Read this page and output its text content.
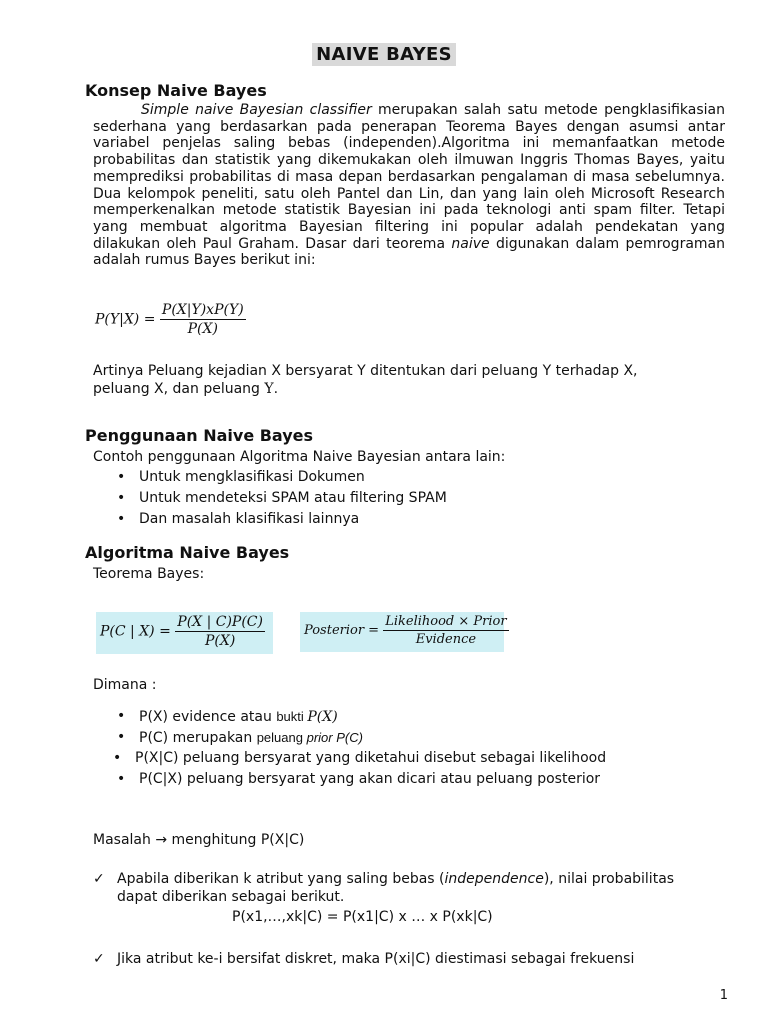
NAIVE BAYES
Konsep Naive Bayes
Simple naive Bayesian classifier merupakan salah satu metode pengklasifikasian sederhana yang berdasarkan pada penerapan Teorema Bayes dengan asumsi antar variabel penjelas saling bebas (independen).Algoritma ini memanfaatkan metode probabilitas dan statistik yang dikemukakan oleh ilmuwan Inggris Thomas Bayes, yaitu memprediksi probabilitas di masa depan berdasarkan pengalaman di masa sebelumnya. Dua kelompok peneliti, satu oleh Pantel dan Lin, dan yang lain oleh Microsoft Research memperkenalkan metode statistik Bayesian ini pada teknologi anti spam filter. Tetapi yang membuat algoritma Bayesian filtering ini popular adalah pendekatan yang dilakukan oleh Paul Graham. Dasar dari teorema naive digunakan dalam pemrograman adalah rumus Bayes berikut ini:
$P(Y|X) = \frac{P(X|Y)xP(Y)}{P(X)}$
Artinya Peluang kejadian X bersyarat Y ditentukan dari peluang Y terhadap X,
peluang X, dan peluang Y.
Penggunaan Naive Bayes
Contoh penggunaan Algoritma Naive Bayesian antara lain:
• Untuk mengklasifikasi Dokumen
• Untuk mendeteksi SPAM atau filtering SPAM
• Dan masalah klasifikasi lainnya
Algoritma Naive Bayes
Teorema Bayes:
P(C | $X) = \frac{P(X | C)P(C)}{P(X)}$	Posterior = $\frac{\text{Likelihood × Prior}}{\text{Evidence}}$
Dimana :
• P(X) evidence atau bukti P(X)
• P(C) merupakan peluang prior P(C)
• P(X|C) peluang bersyarat yang diketahui disebut sebagai likelihood
• P(C|X) peluang bersyarat yang akan dicari atau peluang posterior
Masalah → menghitung P(X|C)
✓ Apabila diberikan k atribut yang saling bebas (independence), nilai probabilitas
dapat diberikan sebagai berikut.
P(x1,…,xk|C) = P(x1|C) x … x P(xk|C)
✓ Jika atribut ke-i bersifat diskret, maka P(xi|C) diestimasi sebagai frekuensi
1
